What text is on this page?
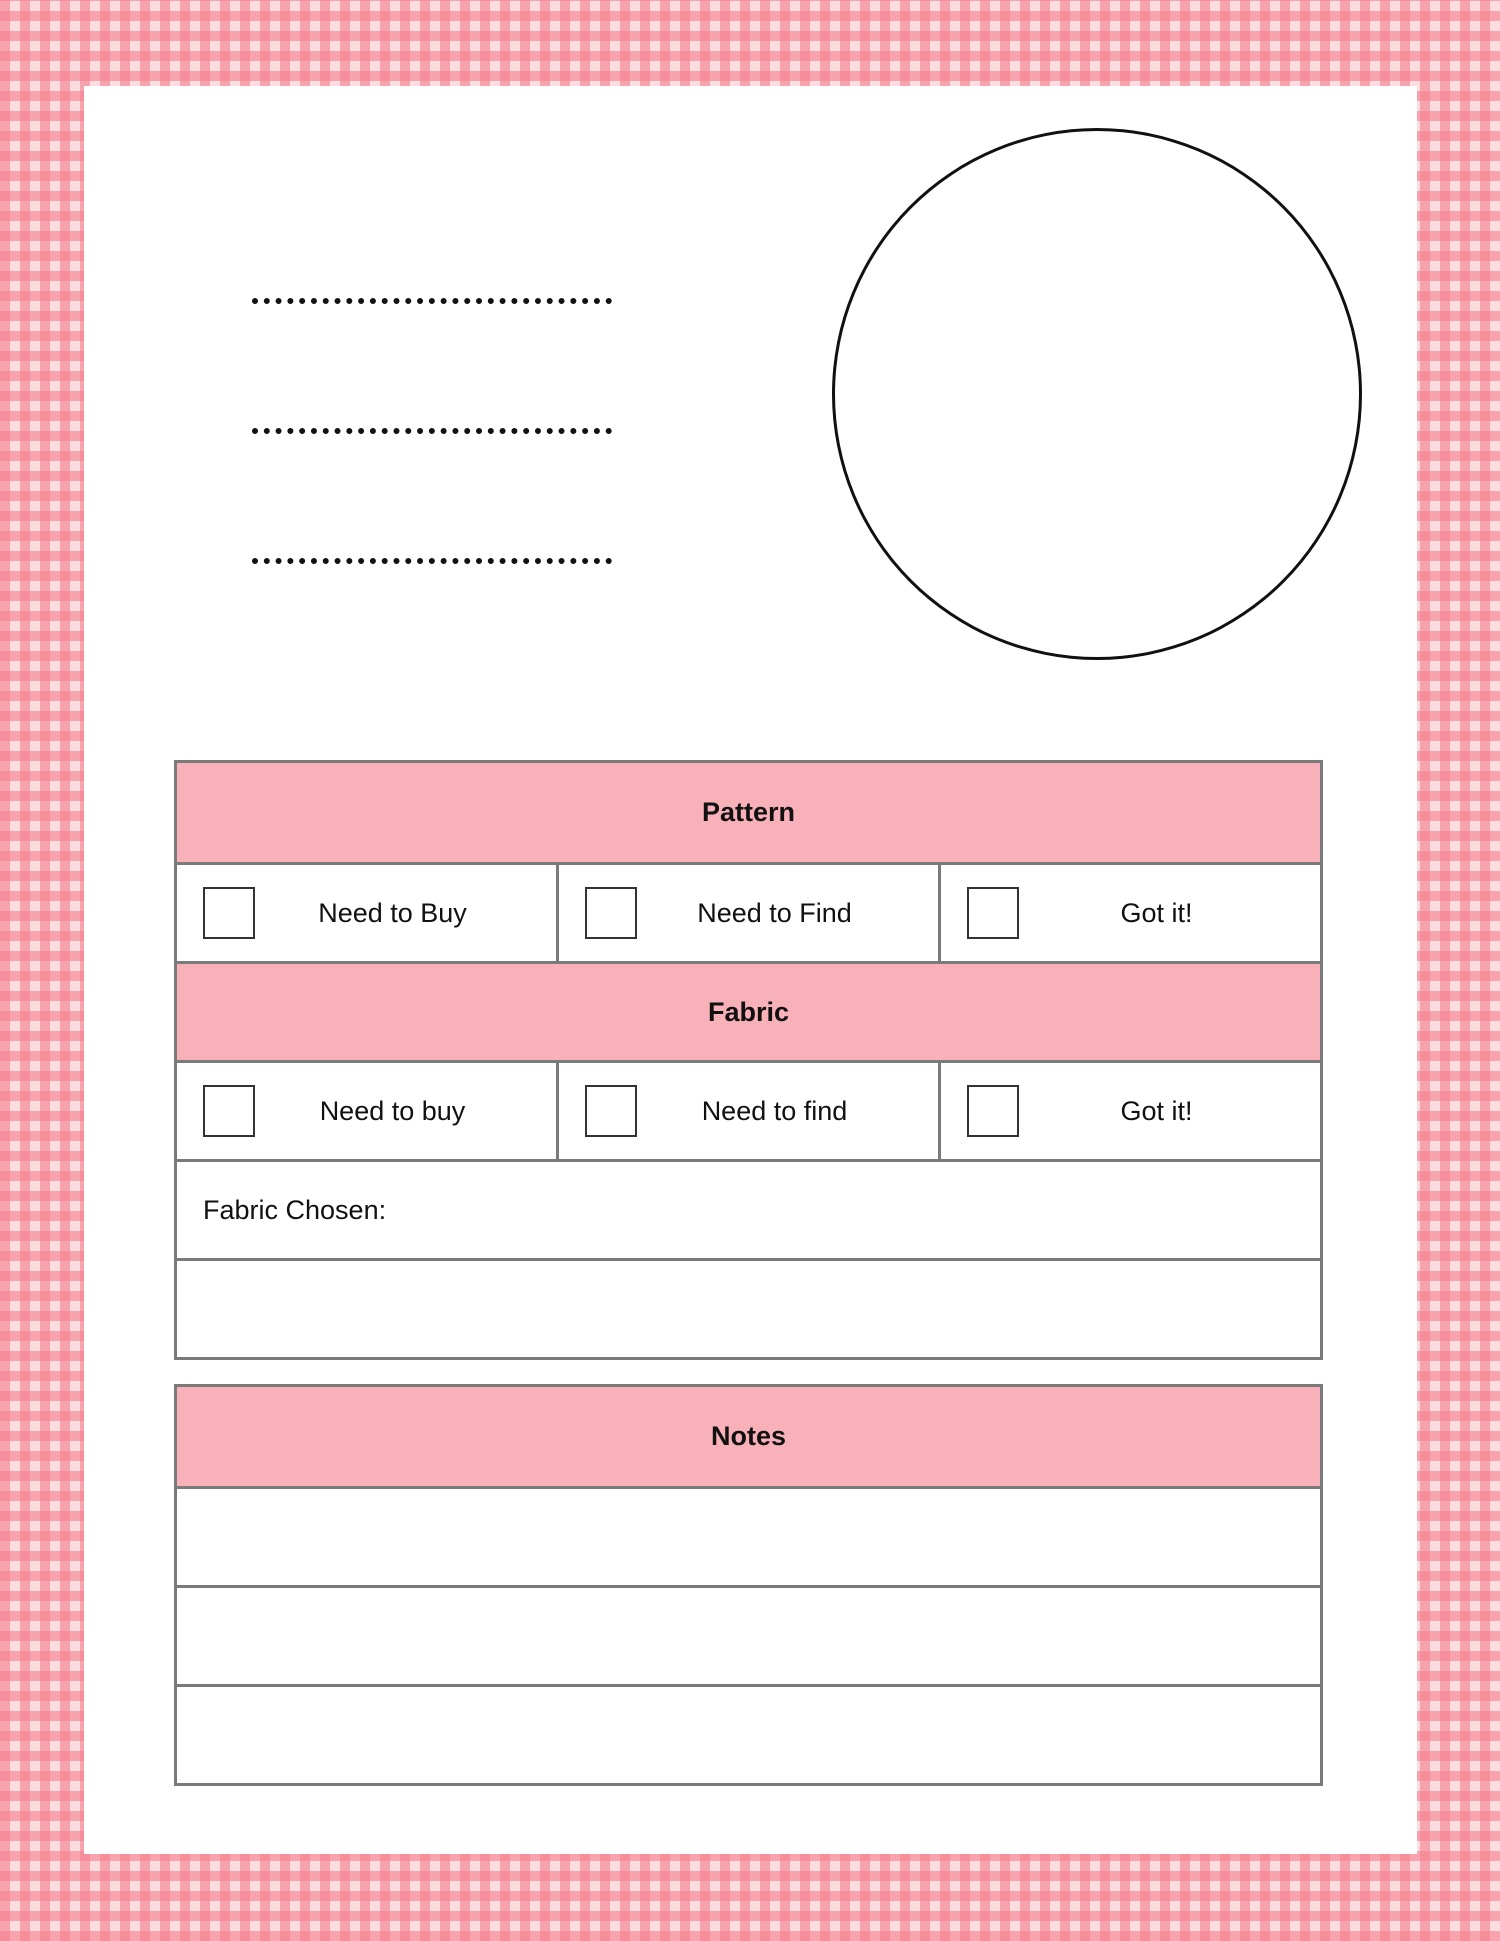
Pattern
Need to Buy	Need to Find	Got it!
Fabric
Need to buy	Need to find	Got it!
Fabric Chosen:
Notes
